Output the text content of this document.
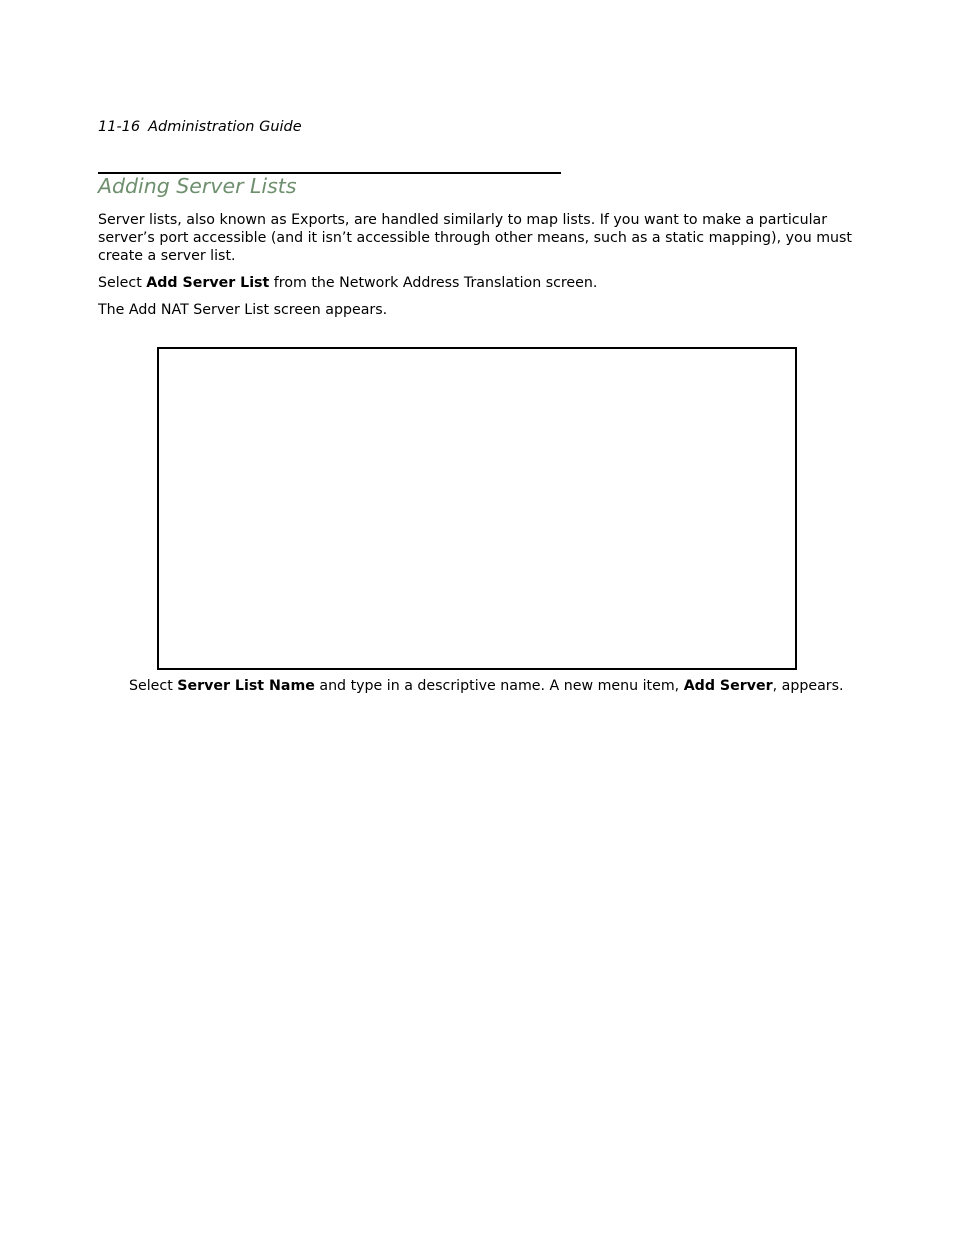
11-16 Administration Guide
Adding Server Lists

Server lists, also known as Exports, are handled similarly to map lists. If you want to make a particular server’s port accessible (and it isn’t accessible through other means, such as a static mapping), you must create a server list.

Select Add Server List from the Network Address Translation screen.

The Add NAT Server List screen appears.

Select Server List Name and type in a descriptive name. A new menu item, Add Server, appears.
